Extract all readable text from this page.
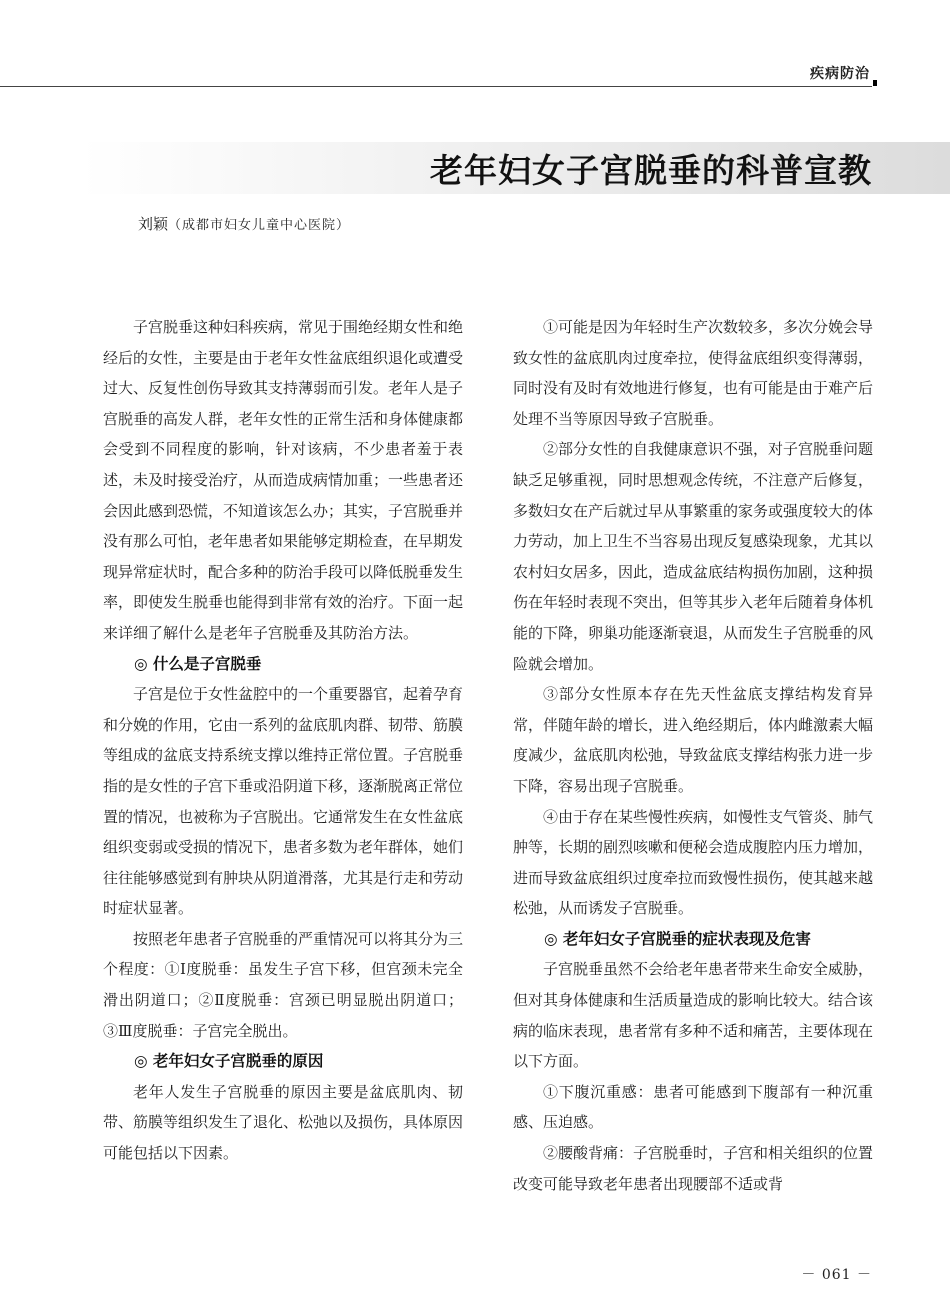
疾病防治
老年妇女子宫脱垂的科普宣教
刘颖（成都市妇女儿童中心医院）

子宫脱垂这种妇科疾病，常见于围绝经期女性和绝经后的女性，主要是由于老年女性盆底组织退化或遭受过大、反复性创伤导致其支持薄弱而引发。老年人是子宫脱垂的高发人群，老年女性的正常生活和身体健康都会受到不同程度的影响，针对该病，不少患者羞于表述，未及时接受治疗，从而造成病情加重；一些患者还会因此感到恐慌，不知道该怎么办；其实，子宫脱垂并没有那么可怕，老年患者如果能够定期检查，在早期发现异常症状时，配合多种的防治手段可以降低脱垂发生率，即使发生脱垂也能得到非常有效的治疗。下面一起来详细了解什么是老年子宫脱垂及其防治方法。

◎ 什么是子宫脱垂

子宫是位于女性盆腔中的一个重要器官，起着孕育和分娩的作用，它由一系列的盆底肌肉群、韧带、筋膜等组成的盆底支持系统支撑以维持正常位置。子宫脱垂指的是女性的子宫下垂或沿阴道下移，逐渐脱离正常位置的情况，也被称为子宫脱出。它通常发生在女性盆底组织变弱或受损的情况下，患者多数为老年群体，她们往往能够感觉到有肿块从阴道滑落，尤其是行走和劳动时症状显著。

按照老年患者子宫脱垂的严重情况可以将其分为三个程度：①Ⅰ度脱垂：虽发生子宫下移，但宫颈未完全滑出阴道口；②Ⅱ度脱垂：宫颈已明显脱出阴道口；③Ⅲ度脱垂：子宫完全脱出。

◎ 老年妇女子宫脱垂的原因

老年人发生子宫脱垂的原因主要是盆底肌肉、韧带、筋膜等组织发生了退化、松弛以及损伤，具体原因可能包括以下因素。

①可能是因为年轻时生产次数较多，多次分娩会导致女性的盆底肌肉过度牵拉，使得盆底组织变得薄弱，同时没有及时有效地进行修复，也有可能是由于难产后处理不当等原因导致子宫脱垂。

②部分女性的自我健康意识不强，对子宫脱垂问题缺乏足够重视，同时思想观念传统，不注意产后修复，多数妇女在产后就过早从事繁重的家务或强度较大的体力劳动，加上卫生不当容易出现反复感染现象，尤其以农村妇女居多，因此，造成盆底结构损伤加剧，这种损伤在年轻时表现不突出，但等其步入老年后随着身体机能的下降，卵巢功能逐渐衰退，从而发生子宫脱垂的风险就会增加。

③部分女性原本存在先天性盆底支撑结构发育异常，伴随年龄的增长，进入绝经期后，体内雌激素大幅度减少，盆底肌肉松弛，导致盆底支撑结构张力进一步下降，容易出现子宫脱垂。

④由于存在某些慢性疾病，如慢性支气管炎、肺气肿等，长期的剧烈咳嗽和便秘会造成腹腔内压力增加，进而导致盆底组织过度牵拉而致慢性损伤，使其越来越松弛，从而诱发子宫脱垂。

◎ 老年妇女子宫脱垂的症状表现及危害

子宫脱垂虽然不会给老年患者带来生命安全威胁，但对其身体健康和生活质量造成的影响比较大。结合该病的临床表现，患者常有多种不适和痛苦，主要体现在以下方面。

①下腹沉重感：患者可能感到下腹部有一种沉重感、压迫感。

②腰酸背痛：子宫脱垂时，子宫和相关组织的位置改变可能导致老年患者出现腰部不适或背

－ 061 －
